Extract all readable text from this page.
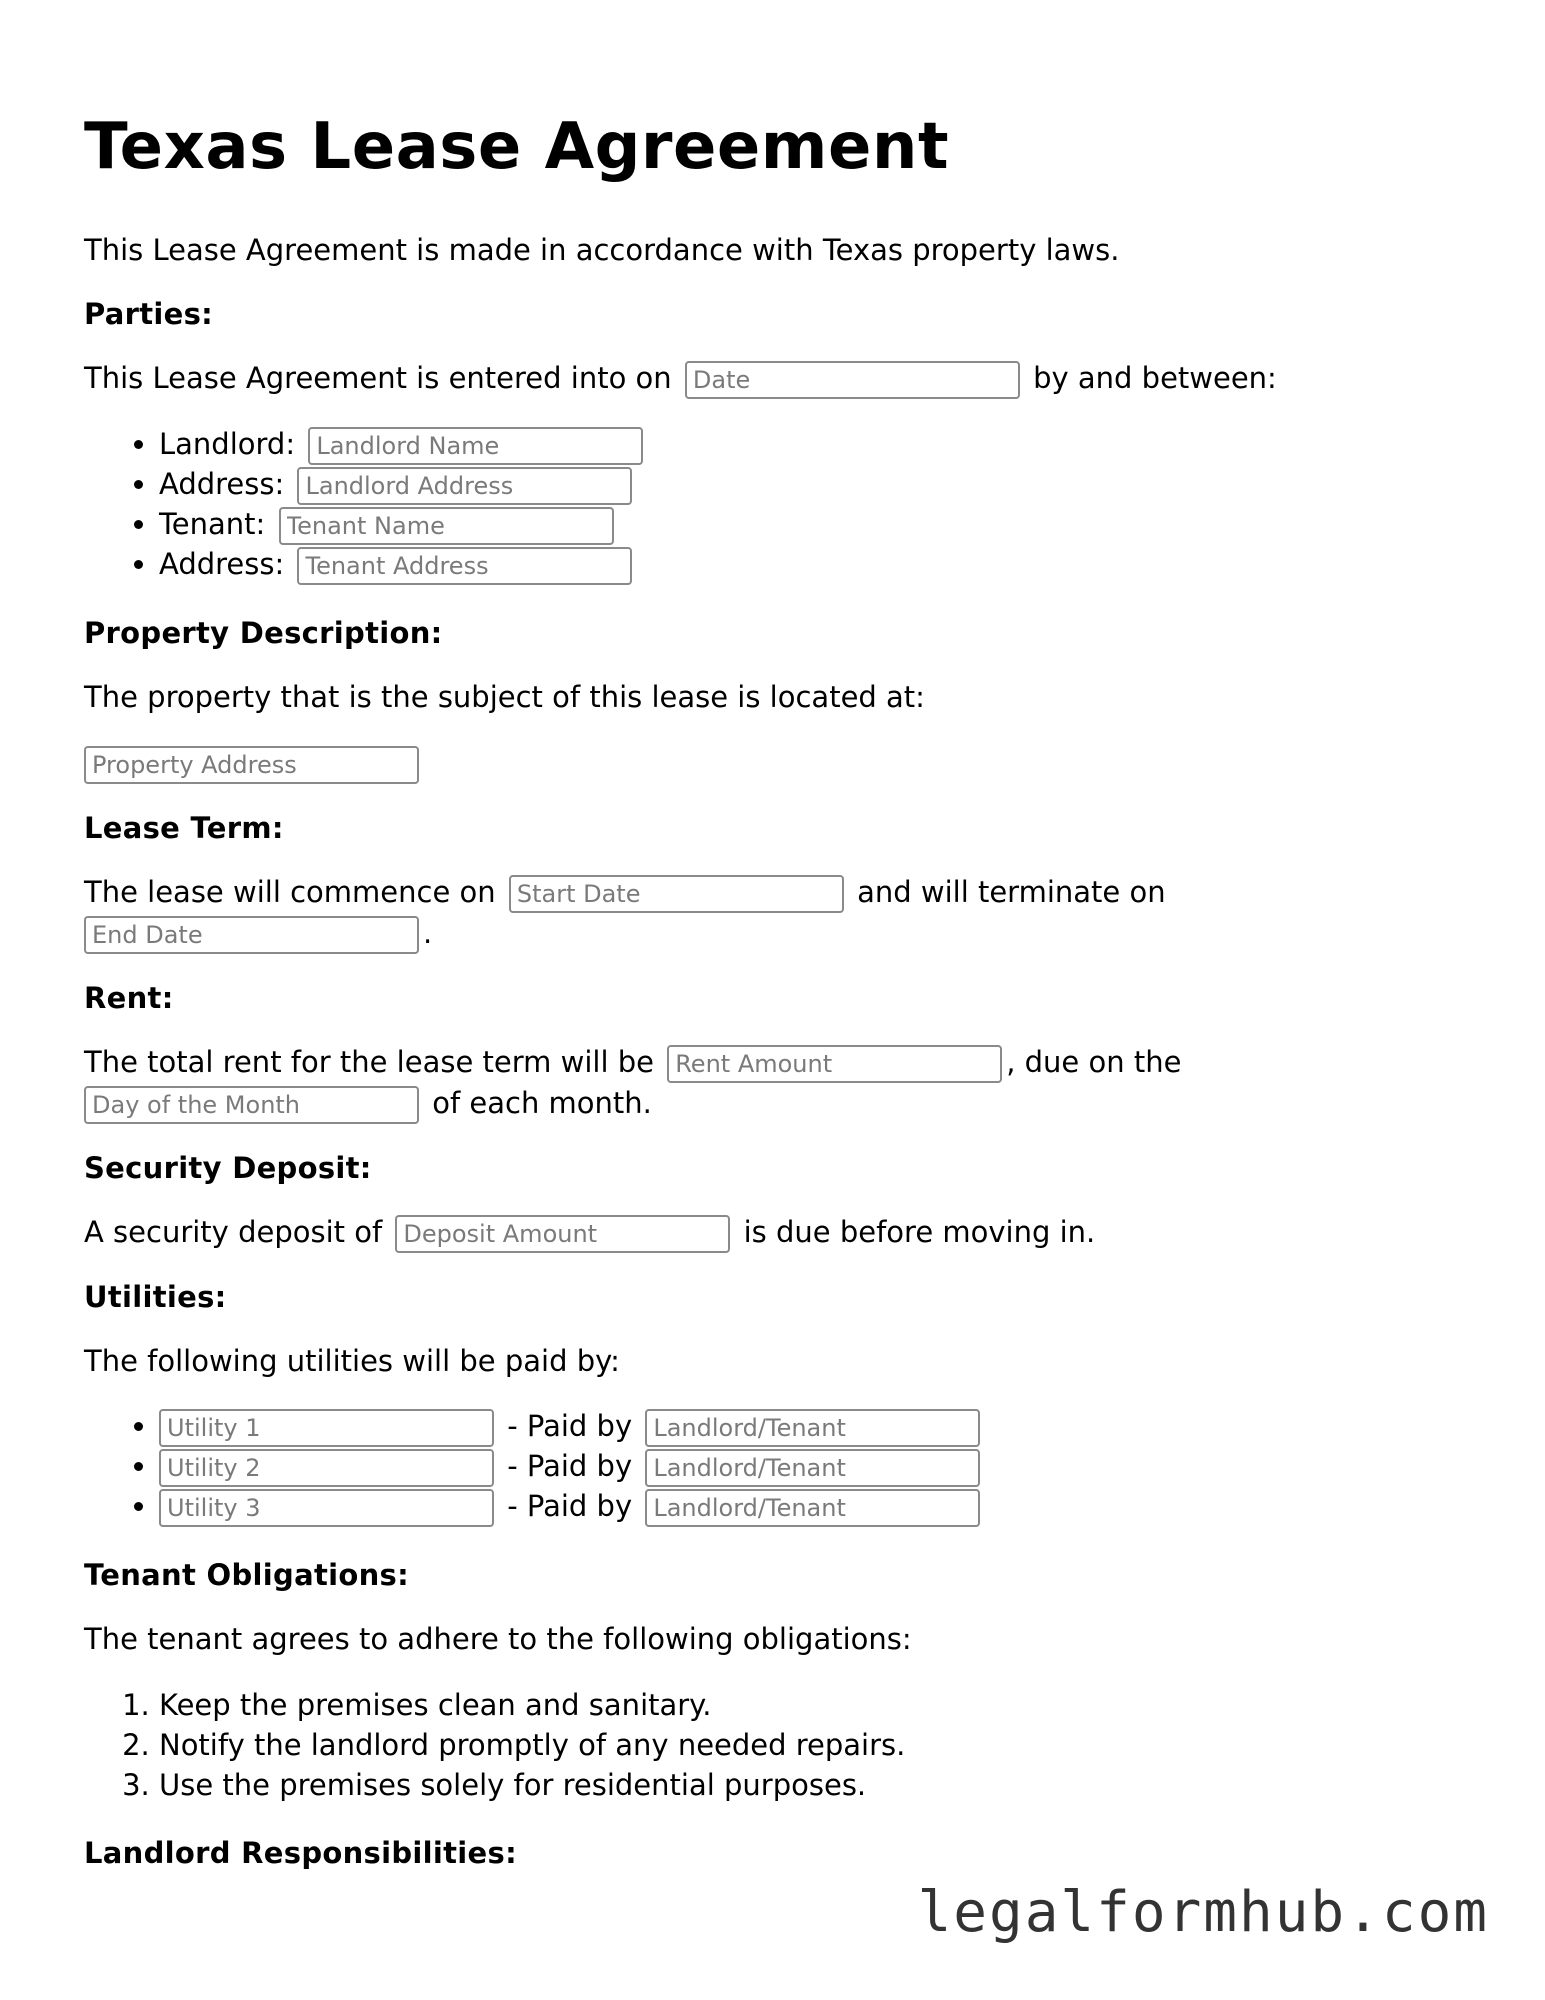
Texas Lease Agreement

This Lease Agreement is made in accordance with Texas property laws.

Parties:

This Lease Agreement is entered into on Date	by and between:

• Landlord: Landlord Name
• Address: Landlord Address
• Tenant: Tenant Name
• Address: Tenant Address
Property Description:

The property that is the subject of this lease is located at:

Property Address

Lease Term:

The lease will commence on Start Date	and will terminate on
End Date.

Rent:

The total rent for the lease term will be Rent Amount	, due on the
Day of the Month of each month.

Security Deposit:

A security deposit of Deposit Amount	is due before moving in.

Utilities:

The following utilities will be paid by:

Utility 1 • - Paid by Landlord/Tenant
Utility 2 • - Paid by Landlord/Tenant
Utility 3 • - Paid by Landlord/Tenant
Tenant Obligations:

The tenant agrees to adhere to the following obligations:

1. Keep the premises clean and sanitary.
2. Notify the landlord promptly of any needed repairs.
3. Use the premises solely for residential purposes.
Landlord Responsibilities:
legalformhub.com
